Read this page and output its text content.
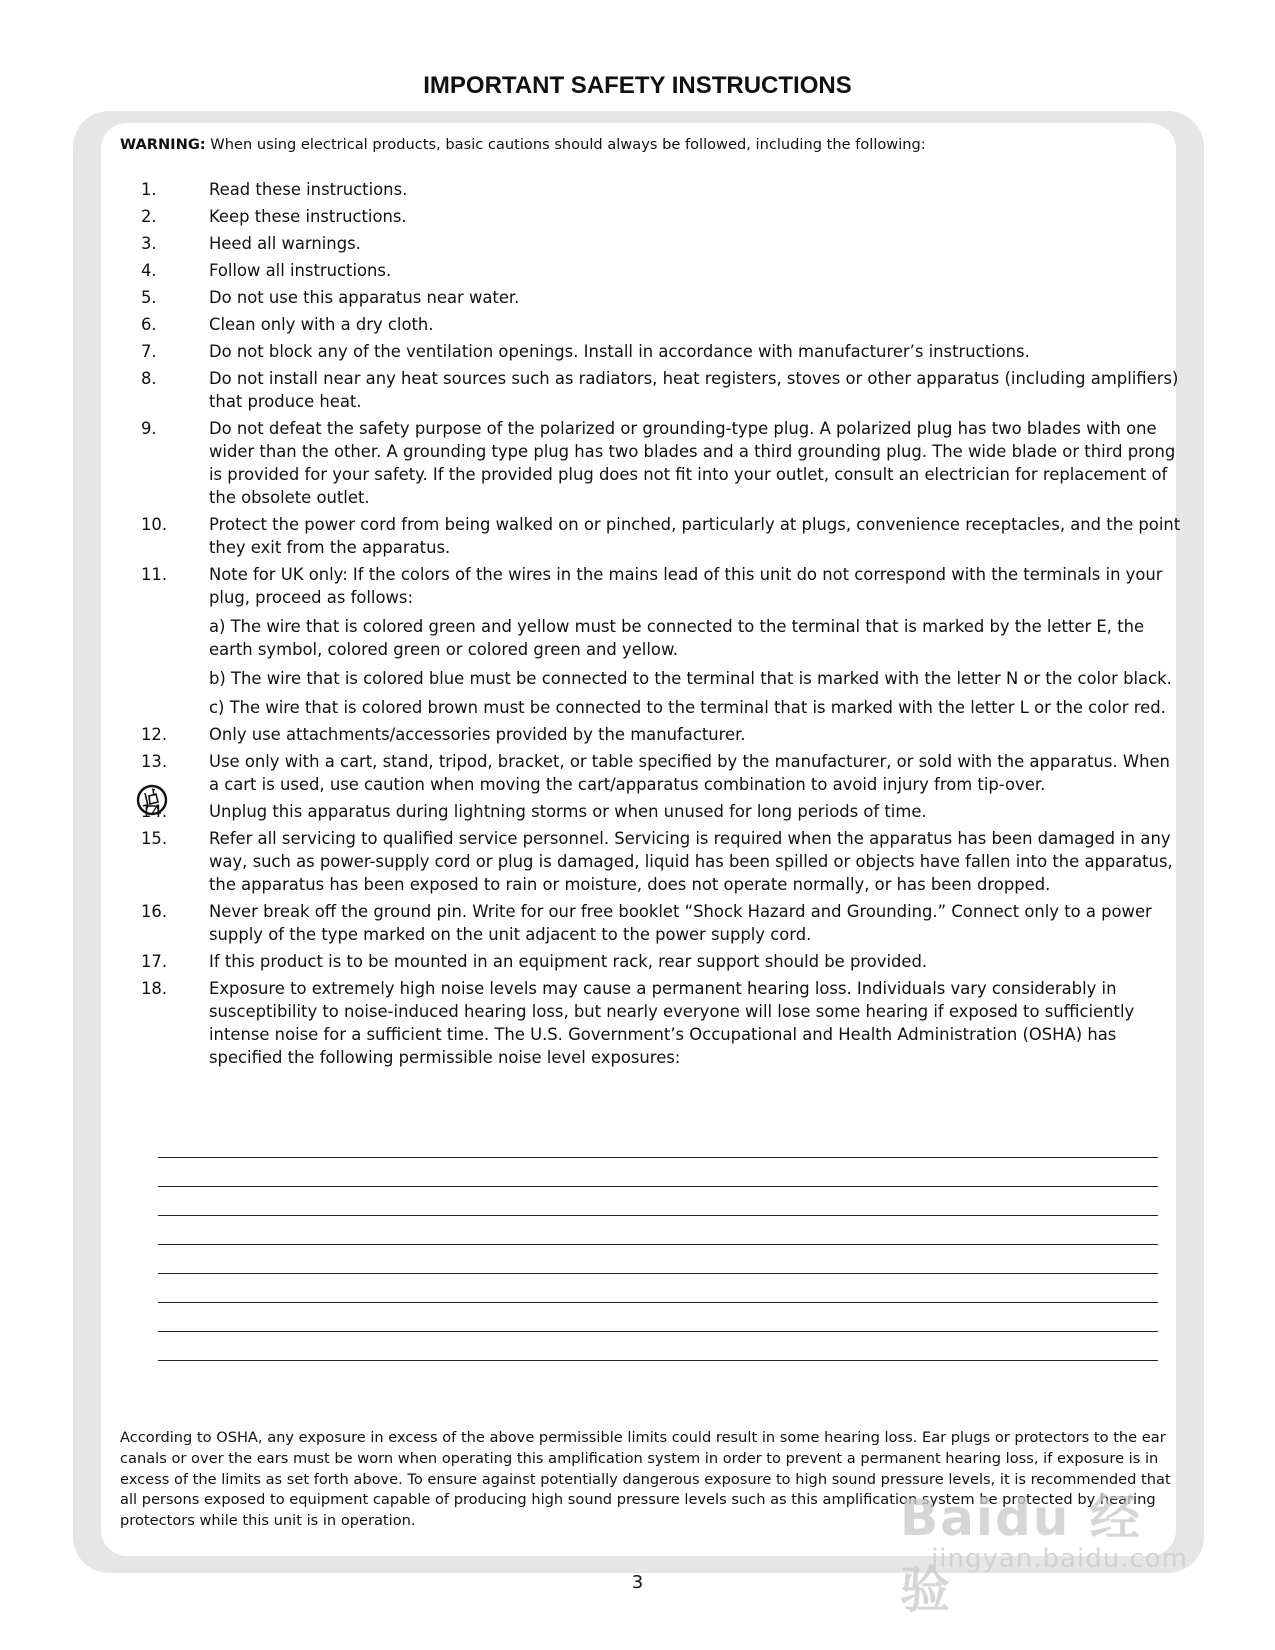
IMPORTANT SAFETY INSTRUCTIONS
WARNING: When using electrical products, basic cautions should always be followed, including the following:
1.	Read these instructions.
2.	Keep these instructions.
3.	Heed all warnings.
4.	Follow all instructions.
5.	Do not use this apparatus near water.
6.	Clean only with a dry cloth.
7.	Do not block any of the ventilation openings. Install in accordance with manufacturer’s instructions.
8.	Do not install near any heat sources such as radiators, heat registers, stoves or other apparatus (including amplifiers) that produce heat.
9.	Do not defeat the safety purpose of the polarized or grounding-type plug. A polarized plug has two blades with one wider than the other. A grounding type plug has two blades and a third grounding plug. The wide blade or third prong is provided for your safety. If the provided plug does not fit into your outlet, consult an electrician for replacement of the obsolete outlet.
10.	Protect the power cord from being walked on or pinched, particularly at plugs, convenience receptacles, and the point they exit from the apparatus.
11.	Note for UK only: If the colors of the wires in the mains lead of this unit do not correspond with the terminals in your plug, proceed as follows:
a) The wire that is colored green and yellow must be connected to the terminal that is marked by the letter E, the earth symbol, colored green or colored green and yellow.
b) The wire that is colored blue must be connected to the terminal that is marked with the letter N or the color black.
c) The wire that is colored brown must be connected to the terminal that is marked with the letter L or the color red.
12.	Only use attachments/accessories provided by the manufacturer.
13.	Use only with a cart, stand, tripod, bracket, or table specified by the manufacturer, or sold with the apparatus. When a cart is used, use caution when moving the cart/apparatus combination to avoid injury from tip-over.
14.	Unplug this apparatus during lightning storms or when unused for long periods of time.
15.	Refer all servicing to qualified service personnel. Servicing is required when the apparatus has been damaged in any way, such as power-supply cord or plug is damaged, liquid has been spilled or objects have fallen into the apparatus, the apparatus has been exposed to rain or moisture, does not operate normally, or has been dropped.
16.	Never break off the ground pin. Write for our free booklet “Shock Hazard and Grounding.” Connect only to a power supply of the type marked on the unit adjacent to the power supply cord.
17.	If this product is to be mounted in an equipment rack, rear support should be provided.
18.	Exposure to extremely high noise levels may cause a permanent hearing loss. Individuals vary considerably in susceptibility to noise-induced hearing loss, but nearly everyone will lose some hearing if exposed to sufficiently intense noise for a sufficient time. The U.S. Government’s Occupational and Health Administration (OSHA) has specified the following permissible noise level exposures:
According to OSHA, any exposure in excess of the above permissible limits could result in some hearing loss. Ear plugs or protectors to the ear canals or over the ears must be worn when operating this amplification system in order to prevent a permanent hearing loss, if exposure is in excess of the limits as set forth above. To ensure against potentially dangerous exposure to high sound pressure levels, it is recommended that all persons exposed to equipment capable of producing high sound pressure levels such as this amplification system be protected by hearing protectors while this unit is in operation.
3
Baidu 经验
jingyan.baidu.com
